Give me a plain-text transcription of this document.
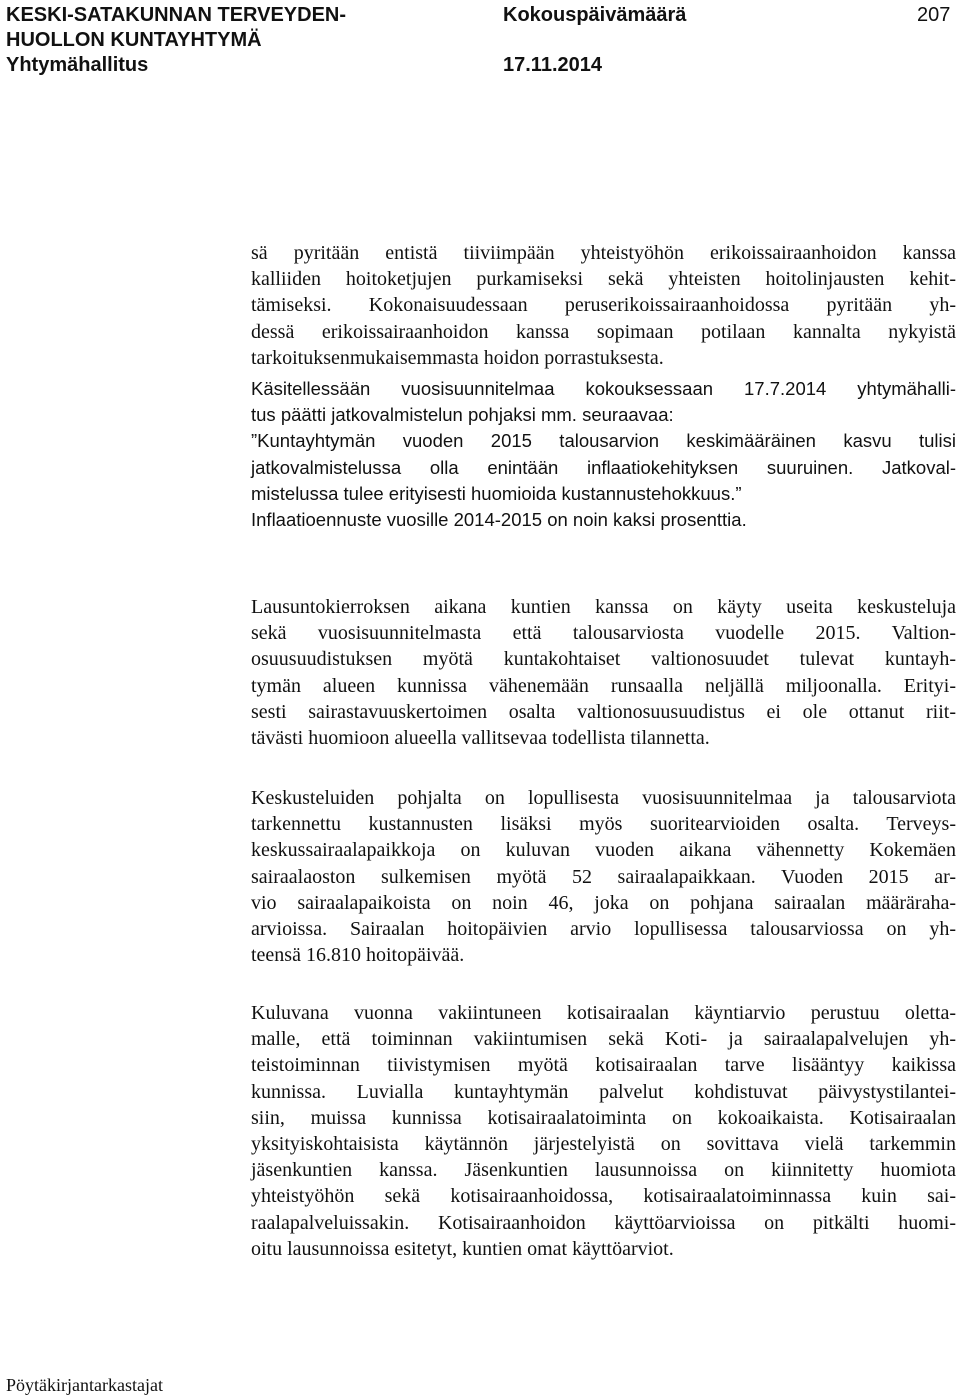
KESKI-SATAKUNNAN TERVEYDEN-
HUOLLON KUNTAYHTYMÄ
Yhtymähallitus
Kokouspäivämäärä
17.11.2014
207
sä pyritään entistä tiiviimpään yhteistyöhön erikoissairaanhoidon kanssa
kalliiden hoitoketjujen purkamiseksi sekä yhteisten hoitolinjausten kehit-
tämiseksi. Kokonaisuudessaan peruserikoissairaanhoidossa pyritään yh-
dessä erikoissairaanhoidon kanssa sopimaan potilaan kannalta nykyistä
tarkoituksenmukaisemmasta hoidon porrastuksesta.
Käsitellessään vuosisuunnitelmaa kokouksessaan 17.7.2014 yhtymähalli-
tus päätti jatkovalmistelun pohjaksi mm. seuraavaa:
”Kuntayhtymän vuoden 2015 talousarvion keskimääräinen kasvu tulisi
jatkovalmistelussa olla enintään inflaatiokehityksen suuruinen. Jatkoval-
mistelussa tulee erityisesti huomioida kustannustehokkuus.”
Inflaatioennuste vuosille 2014-2015 on noin kaksi prosenttia.
Lausuntokierroksen aikana kuntien kanssa on käyty useita keskusteluja
sekä vuosisuunnitelmasta että talousarviosta vuodelle 2015. Valtion-
osuusuudistuksen myötä kuntakohtaiset valtionosuudet tulevat kuntayh-
tymän alueen kunnissa vähenemään runsaalla neljällä miljoonalla. Erityi-
sesti sairastavuuskertoimen osalta valtionosuusuudistus ei ole ottanut riit-
tävästi huomioon alueella vallitsevaa todellista tilannetta.
Keskusteluiden pohjalta on lopullisesta vuosisuunnitelmaa ja talousarviota
tarkennettu kustannusten lisäksi myös suoritearvioiden osalta. Terveys-
keskussairaalapaikkoja on kuluvan vuoden aikana vähennetty Kokemäen
sairaalaoston sulkemisen myötä 52 sairaalapaikkaan. Vuoden 2015 ar-
vio sairaalapaikoista on noin 46, joka on pohjana sairaalan määräraha-
arvioissa. Sairaalan hoitopäivien arvio lopullisessa talousarviossa on yh-
teensä 16.810 hoitopäivää.
Kuluvana vuonna vakiintuneen kotisairaalan käyntiarvio perustuu oletta-
malle, että toiminnan vakiintumisen sekä Koti- ja sairaalapalvelujen yh-
teistoiminnan tiivistymisen myötä kotisairaalan tarve lisääntyy kaikissa
kunnissa. Luvialla kuntayhtymän palvelut kohdistuvat päivystystilantei-
siin, muissa kunnissa kotisairaalatoiminta on kokoaikaista. Kotisairaalan
yksityiskohtaisista käytännön järjestelyistä on sovittava vielä tarkemmin
jäsenkuntien kanssa. Jäsenkuntien lausunnoissa on kiinnitetty huomiota
yhteistyöhön sekä kotisairaanhoidossa, kotisairaalatoiminnassa kuin sai-
raalapalveluissakin. Kotisairaanhoidon käyttöarvioissa on pitkälti huomi-
oitu lausunnoissa esitetyt, kuntien omat käyttöarviot.
Pöytäkirjantarkastajat
